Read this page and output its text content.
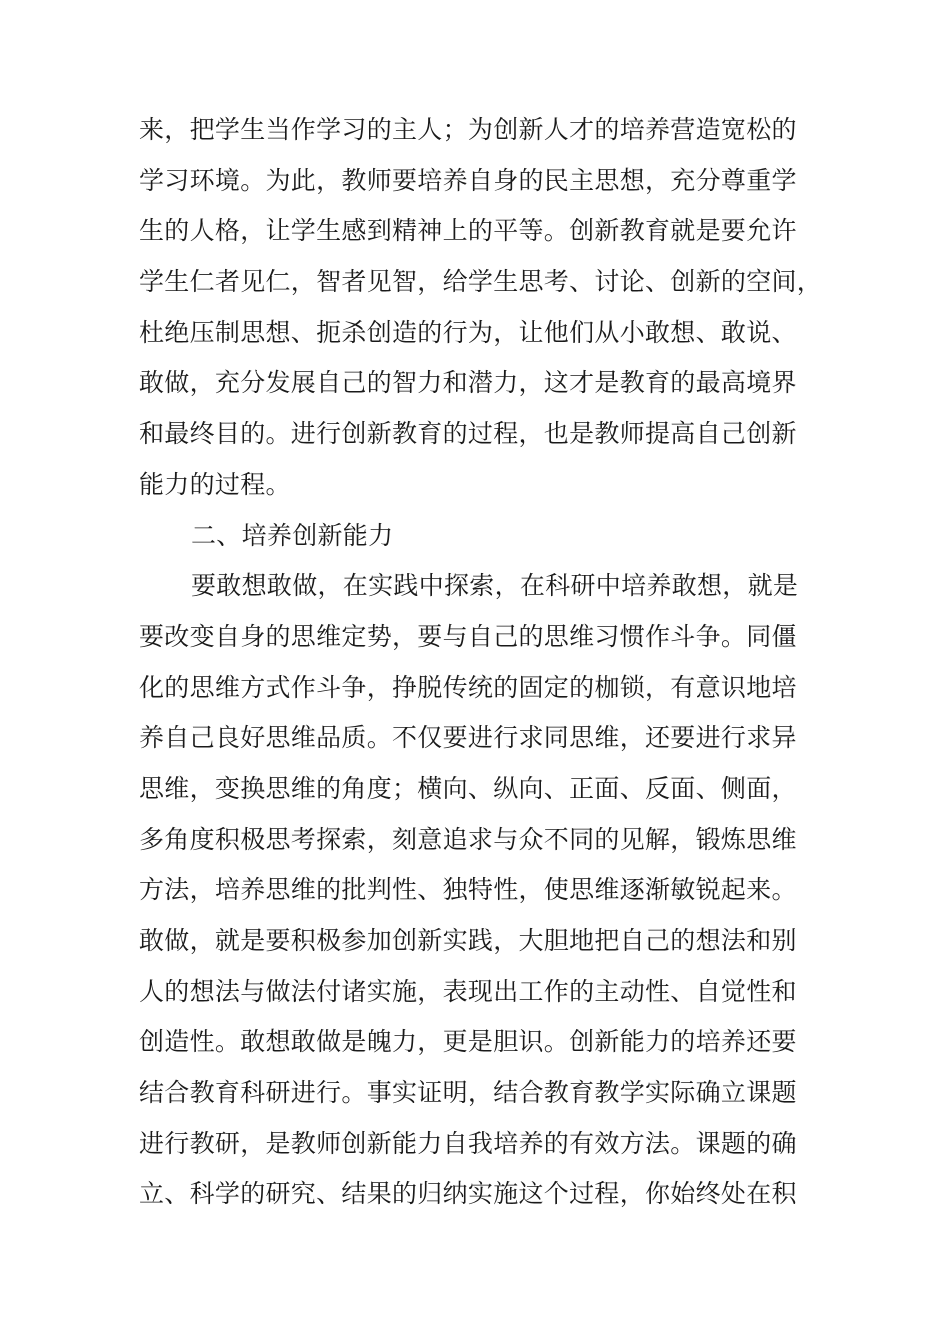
来，把学生当作学习的主人；为创新人才的培养营造宽松的
学习环境。为此，教师要培养自身的民主思想，充分尊重学
生的人格，让学生感到精神上的平等。创新教育就是要允许
学生仁者见仁，智者见智，给学生思考、讨论、创新的空间，
杜绝压制思想、扼杀创造的行为，让他们从小敢想、敢说、
敢做，充分发展自己的智力和潜力，这才是教育的最高境界
和最终目的。进行创新教育的过程，也是教师提高自己创新
能力的过程。
二、培养创新能力
要敢想敢做，在实践中探索，在科研中培养敢想，就是
要改变自身的思维定势，要与自己的思维习惯作斗争。同僵
化的思维方式作斗争，挣脱传统的固定的枷锁，有意识地培
养自己良好思维品质。不仅要进行求同思维，还要进行求异
思维，变换思维的角度；横向、纵向、正面、反面、侧面，
多角度积极思考探索，刻意追求与众不同的见解，锻炼思维
方法，培养思维的批判性、独特性，使思维逐渐敏锐起来。
敢做，就是要积极参加创新实践，大胆地把自己的想法和别
人的想法与做法付诸实施，表现出工作的主动性、自觉性和
创造性。敢想敢做是魄力，更是胆识。创新能力的培养还要
结合教育科研进行。事实证明，结合教育教学实际确立课题
进行教研，是教师创新能力自我培养的有效方法。课题的确
立、科学的研究、结果的归纳实施这个过程，你始终处在积
